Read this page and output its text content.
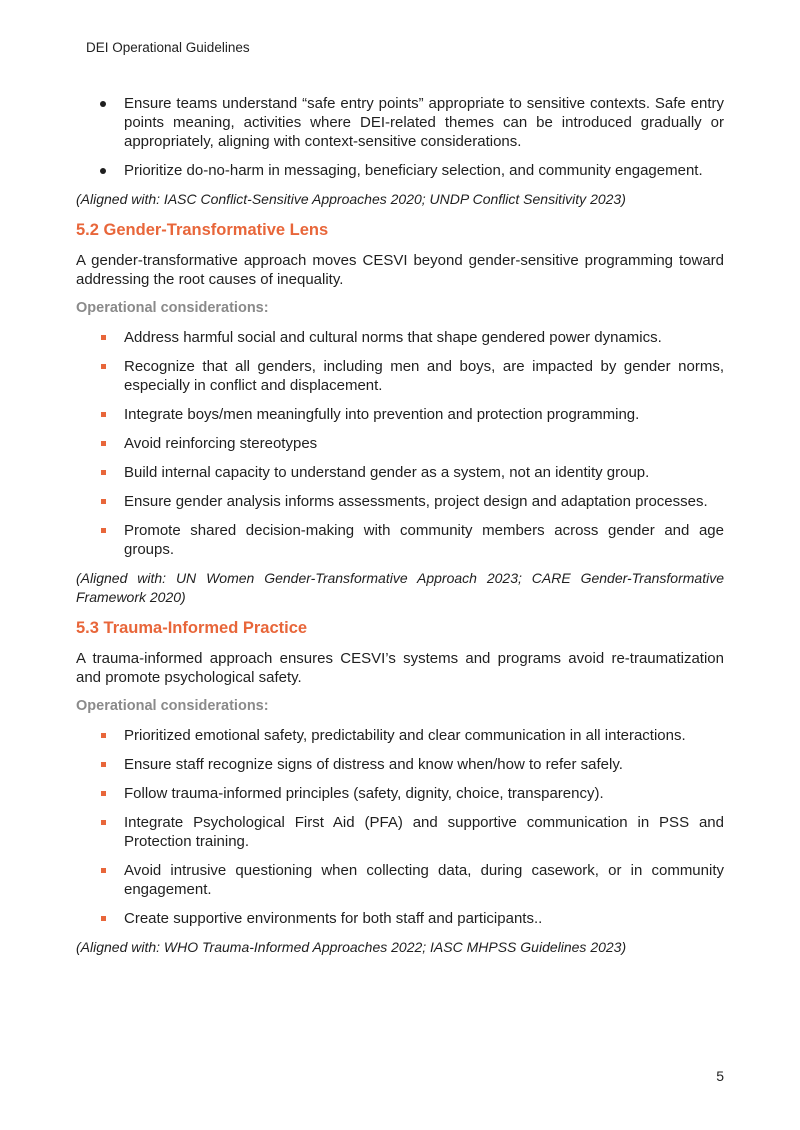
DEI Operational Guidelines
Ensure teams understand “safe entry points” appropriate to sensitive contexts. Safe entry points meaning, activities where DEI-related themes can be introduced gradually or appropriately, aligning with context-sensitive considerations.
Prioritize do-no-harm in messaging, beneficiary selection, and community engagement.

(Aligned with: IASC Conflict-Sensitive Approaches 2020; UNDP Conflict Sensitivity 2023)

5.2 Gender-Transformative Lens

A gender-transformative approach moves CESVI beyond gender-sensitive programming toward addressing the root causes of inequality.

Operational considerations:
Address harmful social and cultural norms that shape gendered power dynamics.
Recognize that all genders, including men and boys, are impacted by gender norms, especially in conflict and displacement.
Integrate boys/men meaningfully into prevention and protection programming.
Avoid reinforcing stereotypes
Build internal capacity to understand gender as a system, not an identity group.
Ensure gender analysis informs assessments, project design and adaptation processes.
Promote shared decision-making with community members across gender and age groups.

(Aligned with: UN Women Gender-Transformative Approach 2023; CARE Gender-Transformative Framework 2020)

5.3 Trauma-Informed Practice

A trauma-informed approach ensures CESVI’s systems and programs avoid re-traumatization and promote psychological safety.

Operational considerations:
Prioritized emotional safety, predictability and clear communication in all interactions.
Ensure staff recognize signs of distress and know when/how to refer safely.
Follow trauma-informed principles (safety, dignity, choice, transparency).
Integrate Psychological First Aid (PFA) and supportive communication in PSS and Protection training.
Avoid intrusive questioning when collecting data, during casework, or in community engagement.
Create supportive environments for both staff and participants..

(Aligned with: WHO Trauma-Informed Approaches 2022; IASC MHPSS Guidelines 2023)

5
